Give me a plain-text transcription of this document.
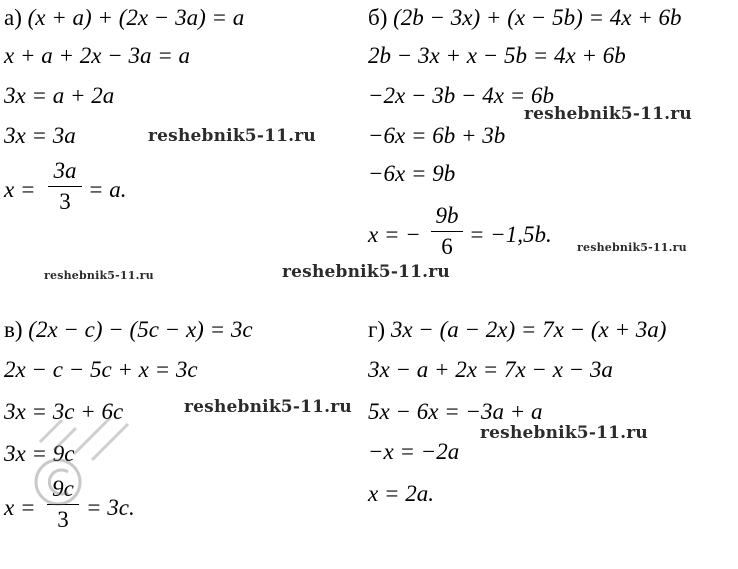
а) (x + a) + (2x − 3a) = a
x + a + 2x − 3a = a
3x = a + 2a
3x = 3a
x =
3a
3 = a.
б) (2b − 3x) + (x − 5b) = 4x + 6b
2b − 3x + x − 5b = 4x + 6b
−2x − 3b − 4x = 6b
−6x = 6b + 3b
−6x = 9b
x = −
9b
6 = −1,5b.
в) (2x − c) − (5c − x) = 3c
2x − c − 5c + x = 3c
3x = 3c + 6c
3x = 9c
x =
9c
3 = 3c.
г) 3x − (a − 2x) = 7x − (x + 3a)
3x − a + 2x = 7x − x − 3a
5x − 6x = −3a + a
−x = −2a
x = 2a.
reshebnik5-11.ru
reshebnik5-11.ru
reshebnik5-11.ru
reshebnik5-11.ru	reshebnik5-11.ru
reshebnik5-11.ru
reshebnik5-11.ru
